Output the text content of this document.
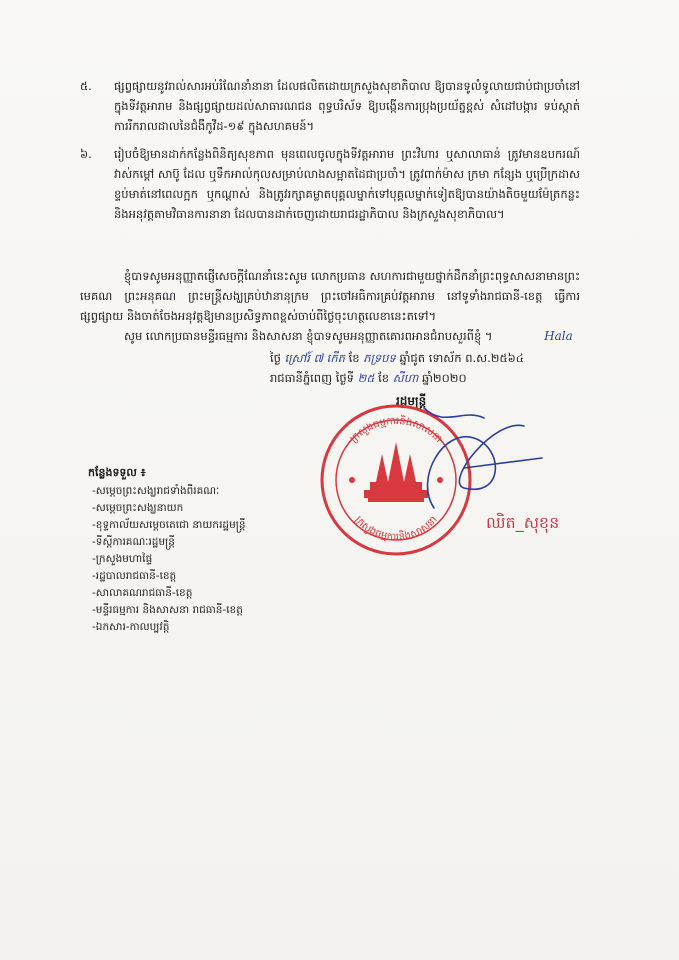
៥.	ផ្សព្វផ្សាយនូវរាល់សារអប់រំណែនាំនានា ដែលផលិតដោយក្រសួងសុខាភិបាល ឱ្យបានទូលំទូលាយជាប់ជាប្រចាំនៅក្នុងទីវត្តអារាម និងផ្សព្វផ្សាយដល់សាធារណជន ពុទ្ធបរិស័ទ ឱ្យបង្កើនការប្រុងប្រយ័ត្នខ្ពស់ សំដៅបង្ការ ទប់ស្កាត់ការរីករាលដាលនៃជំងឺកូវីដ-១៩ ក្នុងសហគមន៍។
៦.	រៀបចំឱ្យមានដាក់កន្លែងពិនិត្យសុខភាព មុនពេលចូលក្នុងទីវត្តអារាម ព្រះវិហារ ឬសាលាធាន់ ត្រូវមានឧបករណ៍វាស់កម្ដៅ សាប៊ូ ដែល ឬទឹកអាល់កុលសម្រាប់លាងសម្អាតដៃជាប្រចាំ។ ត្រូវពាក់ម៉ាស ក្រមា កន្សែង ឬប្រើក្រដាសខ្ទប់មាត់នៅពេលក្អក ឬកណ្ដាស់ និងត្រូវរក្សាគម្លាតបុគ្គលម្នាក់ទៅបុគ្គលម្នាក់ទៀតឱ្យបានយ៉ាងតិចមួយម៉ែត្រកន្លះ និងអនុវត្តតាមវិធានការនានា ដែលបានដាក់ចេញដោយរាជរដ្ឋាភិបាល និងក្រសួងសុខាភិបាល។
ខ្ញុំបាទសូមអនុញ្ញាតផ្ញើសេចក្ដីណែនាំនេះសូម លោកប្រធាន សហការជាមួយថ្នាក់ដឹកនាំព្រះពុទ្ធសាសនាមានព្រះមេគណ ព្រះអនុគណ ព្រះមន្ត្រីសង្ឃគ្រប់ឋានានុក្រម ព្រះចៅអធិការគ្រប់វត្តអារាម នៅទូទាំងរាជធានី-ខេត្ត ធ្វើការផ្សព្វផ្សាយ និងចាត់ចែងអនុវត្តឱ្យមានប្រសិទ្ធភាពខ្ពស់ចាប់ពីថ្ងៃចុះហត្ថលេខានេះតទៅ។
សូម លោកប្រធានមន្ទីរធម្មការ និងសាសនា ខ្ញុំបាទសូមអនុញ្ញាតគោរពអានជំរាបសួរពីខ្ញុំ ។	Hala
ថ្ងៃ ស្រៅរ៍ ៧ កើត ខែ ភទ្របទ ឆ្នាំជូត ទោស័ក ព.ស.២៥៦៤
រាជធានីភ្នំពេញ ថ្ងៃទី ២៥ ខែ សីហា ឆ្នាំ២០២០
រដ្ឋមន្ត្រី
កន្លែងទទួល ៖
-សម្ដេចព្រះសង្ឃរាជទាំងពីរគណៈ
-សម្ដេចព្រះសង្ឃនាយក
-ខុទ្ទកាល័យសម្ដេចតេជោ នាយករដ្ឋមន្ត្រី
-ទីស្ដីការគណៈរដ្ឋមន្ត្រី
-ក្រសួងមហាផ្ទៃ
-រដ្ឋបាលរាជធានី-ខេត្ត
-សាលាគណរាជធានី-ខេត្ត
-មន្ទីរធម្មការ និងសាសនា រាជធានី-ខេត្ត
-ឯកសារ-កាលប្បវត្តិ
ក្រសួងធម្មការនិងសាសនា
ក្រសួងធម្មការនិងសាសនា	ឈិត_សុខុន
